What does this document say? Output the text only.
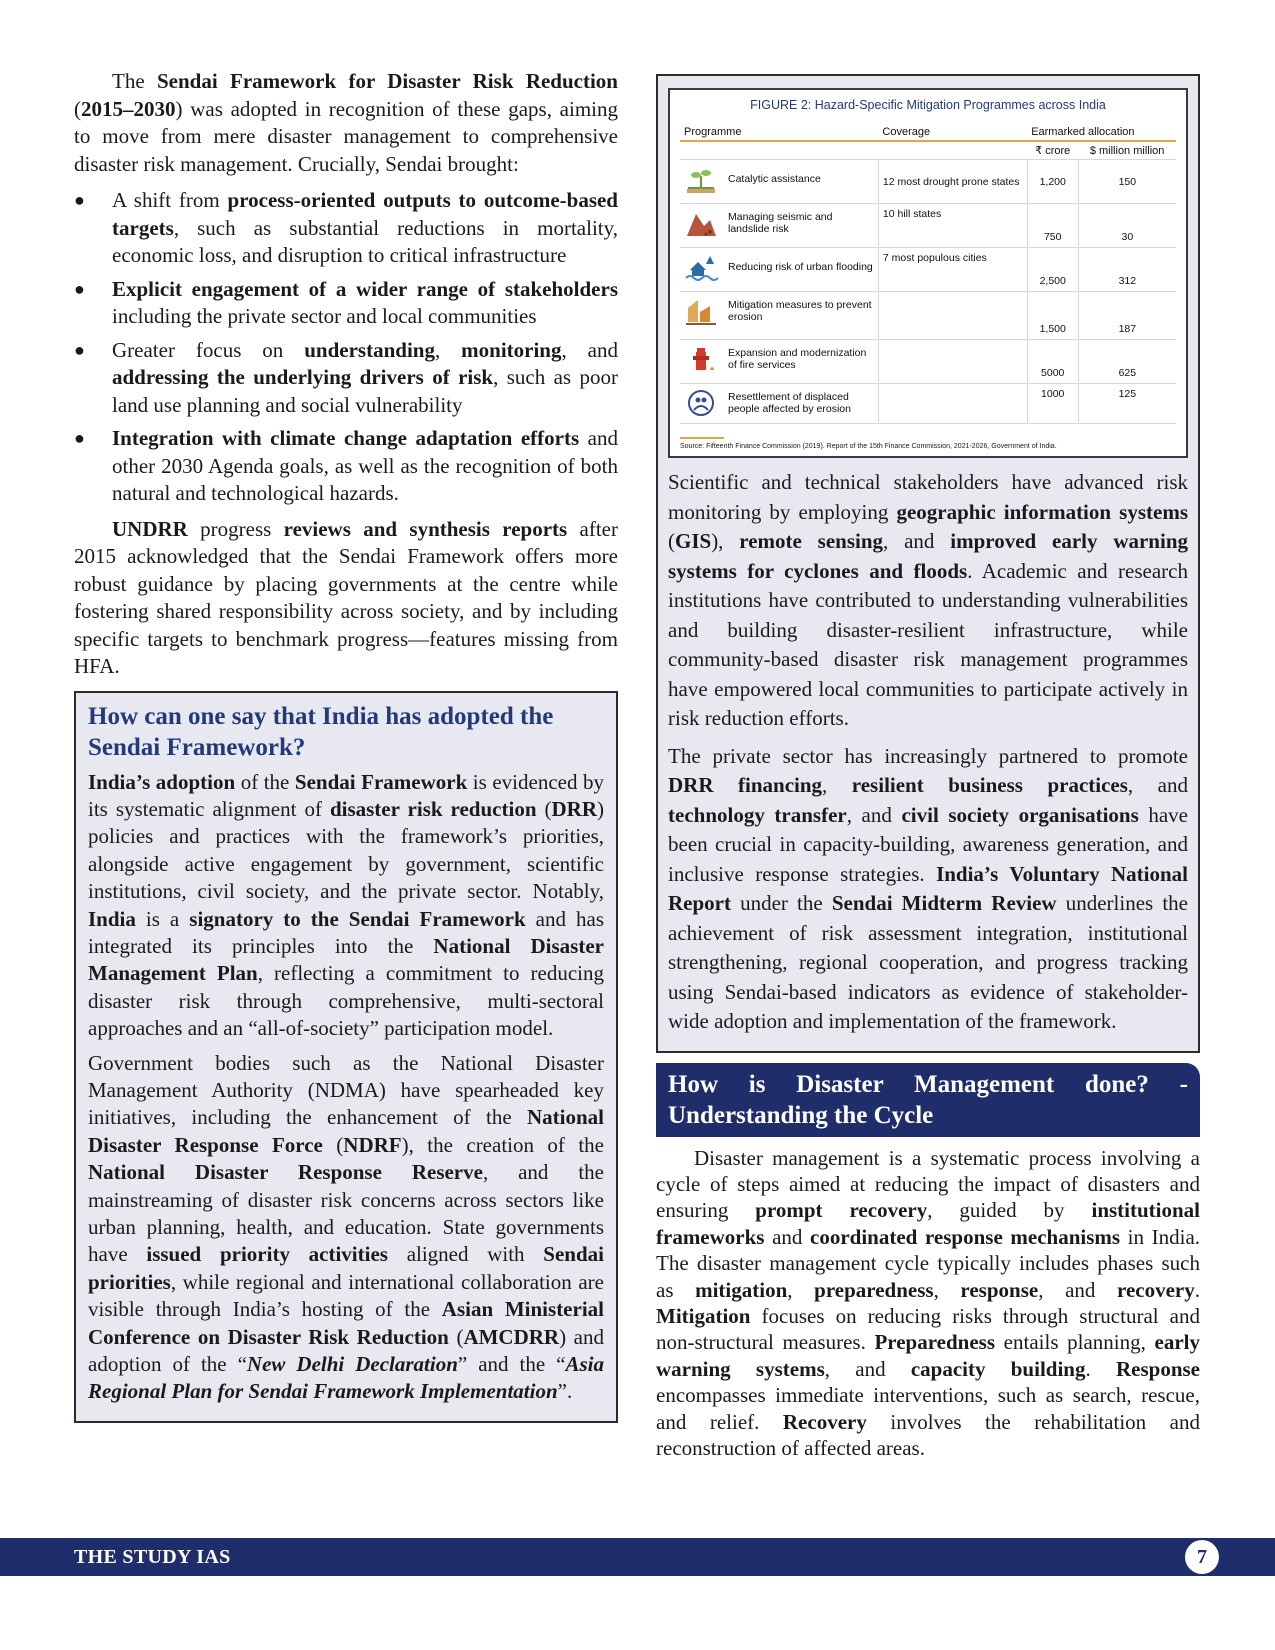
The Sendai Framework for Disaster Risk Reduction (2015–2030) was adopted in recognition of these gaps, aiming to move from mere disaster management to comprehensive disaster risk management. Crucially, Sendai brought:

● A shift from process-oriented outputs to outcome-based targets, such as substantial reductions in mortality, economic loss, and disruption to critical infrastructure
● Explicit engagement of a wider range of stakeholders including the private sector and local communities
● Greater focus on understanding, monitoring, and addressing the underlying drivers of risk, such as poor land use planning and social vulnerability
● Integration with climate change adaptation efforts and other 2030 Agenda goals, as well as the recognition of both natural and technological hazards.

UNDRR progress reviews and synthesis reports after 2015 acknowledged that the Sendai Framework offers more robust guidance by placing governments at the centre while fostering shared responsibility across society, and by including specific targets to benchmark progress—features missing from HFA.

How can one say that India has adopted the Sendai Framework?

India’s adoption of the Sendai Framework is evidenced by its systematic alignment of disaster risk reduction (DRR) policies and practices with the framework’s priorities, alongside active engagement by government, scientific institutions, civil society, and the private sector. Notably, India is a signatory to the Sendai Framework and has integrated its principles into the National Disaster Management Plan, reflecting a commitment to reducing disaster risk through comprehensive, multi-sectoral approaches and an “all-of-society” participation model.

Government bodies such as the National Disaster Management Authority (NDMA) have spearheaded key initiatives, including the enhancement of the National Disaster Response Force (NDRF), the creation of the National Disaster Response Reserve, and the mainstreaming of disaster risk concerns across sectors like urban planning, health, and education. State governments have issued priority activities aligned with Sendai priorities, while regional and international collaboration are visible through India’s hosting of the Asian Ministerial Conference on Disaster Risk Reduction (AMCDRR) and adoption of the “New Delhi Declaration” and the “Asia Regional Plan for Sendai Framework Implementation”.

FIGURE 2: Hazard-Specific Mitigation Programmes across India
Programme	Coverage	Earmarked allocation	
		₹ crore	$ million million

Catalytic assistance	12 most drought prone states	1,200	150

Managing seismic and landslide risk	10 hill states	750	30

Reducing risk of urban flooding	7 most populous cities	2,500	312

Mitigation measures to prevent erosion		1,500	187

Expansion and modernization of fire services		5000	625

Resettlement of displaced people affected by erosion		1000	125
Source: Fifteenth Finance Commission (2019). Report of the 15th Finance Commission, 2021-2026, Government of India.

Scientific and technical stakeholders have advanced risk monitoring by employing geographic information systems (GIS), remote sensing, and improved early warning systems for cyclones and floods. Academic and research institutions have contributed to understanding vulnerabilities and building disaster-resilient infrastructure, while community-based disaster risk management programmes have empowered local communities to participate actively in risk reduction efforts.

The private sector has increasingly partnered to promote DRR financing, resilient business practices, and technology transfer, and civil society organisations have been crucial in capacity-building, awareness generation, and inclusive response strategies. India’s Voluntary National Report under the Sendai Midterm Review underlines the achievement of risk assessment integration, institutional strengthening, regional cooperation, and progress tracking using Sendai-based indicators as evidence of stakeholder-wide adoption and implementation of the framework.

How is Disaster Management done? - Understanding the Cycle

Disaster management is a systematic process involving a cycle of steps aimed at reducing the impact of disasters and ensuring prompt recovery, guided by institutional frameworks and coordinated response mechanisms in India. The disaster management cycle typically includes phases such as mitigation, preparedness, response, and recovery. Mitigation focuses on reducing risks through structural and non-structural measures. Preparedness entails planning, early warning systems, and capacity building. Response encompasses immediate interventions, such as search, rescue, and relief. Recovery involves the rehabilitation and reconstruction of affected areas.

THE STUDY IAS	7
